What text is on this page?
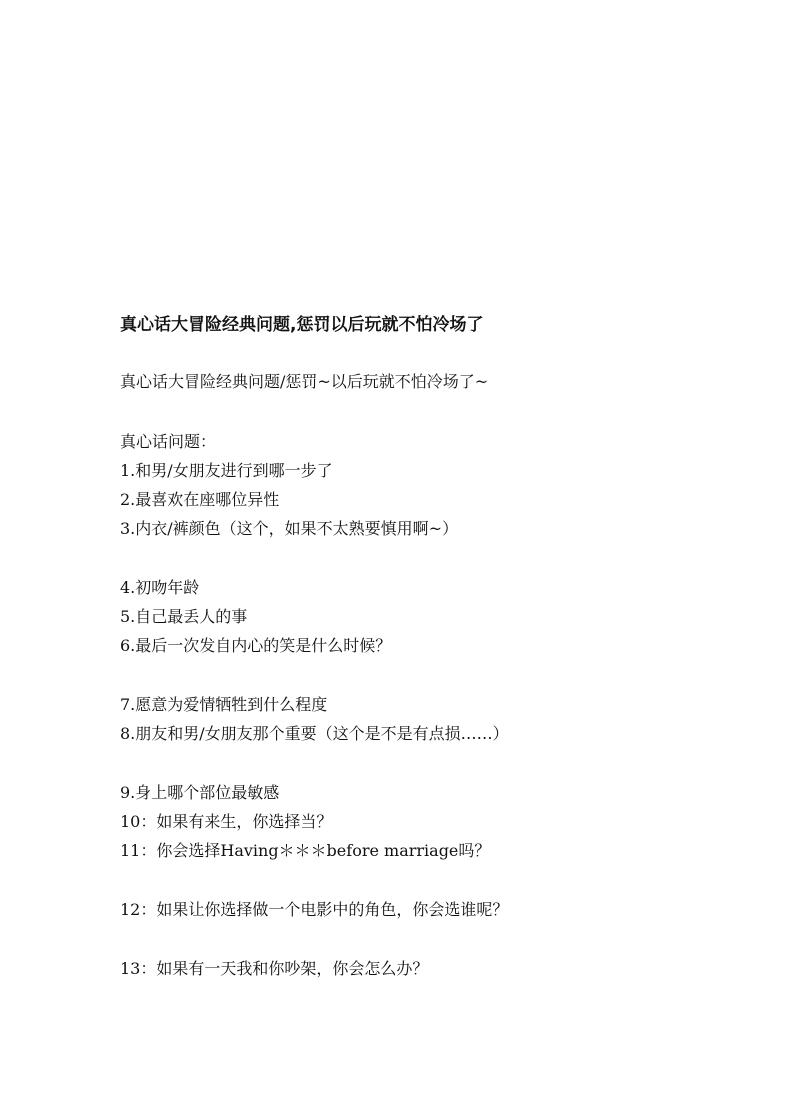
真心话大冒险经典问题,惩罚以后玩就不怕冷场了
真心话大冒险经典问题/惩罚~以后玩就不怕冷场了~
真心话问题：
1.和男/女朋友进行到哪一步了
2.最喜欢在座哪位异性
3.内衣/裤颜色（这个，如果不太熟要慎用啊~）
4.初吻年龄
5.自己最丢人的事
6.最后一次发自内心的笑是什么时候？
7.愿意为爱情牺牲到什么程度
8.朋友和男/女朋友那个重要（这个是不是有点损……）
9.身上哪个部位最敏感
10：如果有来生，你选择当？
11：你会选择Having＊＊＊before marriage吗？
12：如果让你选择做一个电影中的角色，你会选谁呢？
13：如果有一天我和你吵架，你会怎么办？
